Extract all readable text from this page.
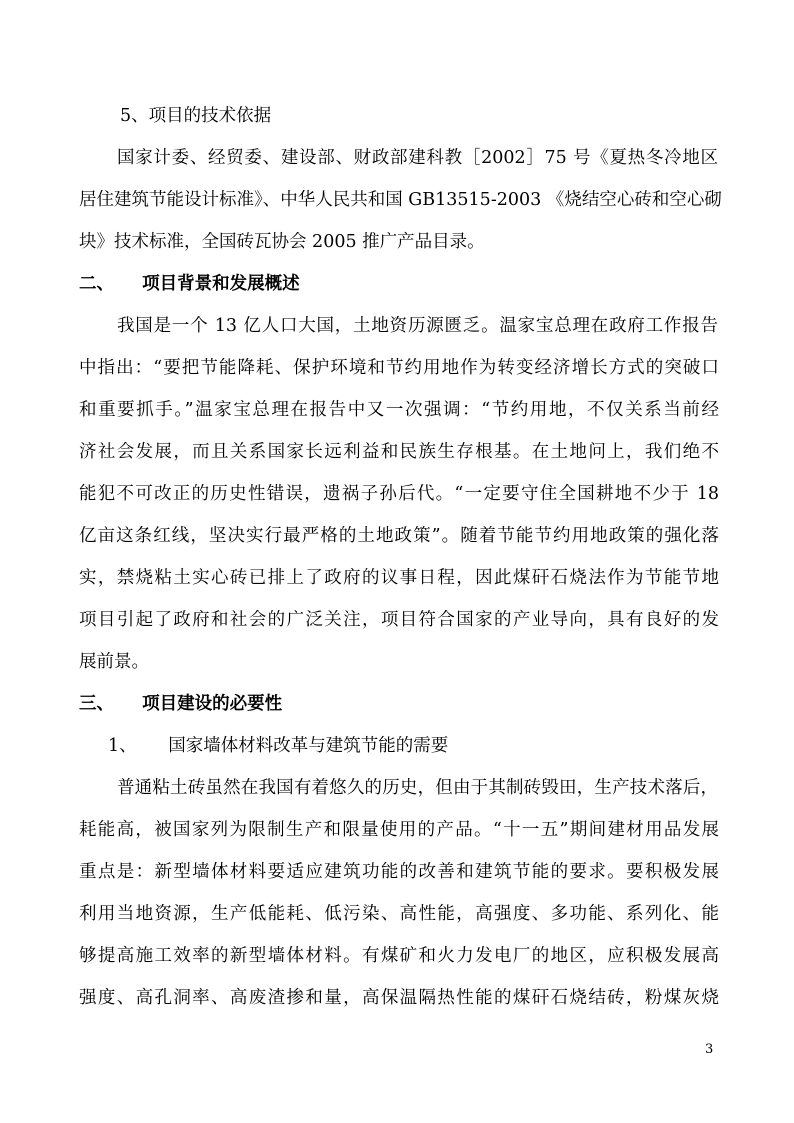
5、项目的技术依据
国家计委、经贸委、建设部、财政部建科教［2002］75 号《夏热冬冷地区
居住建筑节能设计标准》、中华人民共和国 GB13515-2003 《烧结空心砖和空心砌
块》技术标准，全国砖瓦协会 2005 推广产品目录。
二、 项目背景和发展概述
我国是一个 13 亿人口大国，土地资历源匮乏。温家宝总理在政府工作报告
中指出：“要把节能降耗、保护环境和节约用地作为转变经济增长方式的突破口
和重要抓手。”温家宝总理在报告中又一次强调：“节约用地，不仅关系当前经
济社会发展，而且关系国家长远利益和民族生存根基。在土地问上，我们绝不
能犯不可改正的历史性错误，遗祸子孙后代。“一定要守住全国耕地不少于 18
亿亩这条红线，坚决实行最严格的土地政策”。随着节能节约用地政策的强化落
实，禁烧粘土实心砖已排上了政府的议事日程，因此煤矸石烧法作为节能节地
项目引起了政府和社会的广泛关注，项目符合国家的产业导向，具有良好的发
展前景。
三、 项目建设的必要性
1、 国家墙体材料改革与建筑节能的需要
普通粘土砖虽然在我国有着悠久的历史，但由于其制砖毁田，生产技术落后，
耗能高，被国家列为限制生产和限量使用的产品。“十一五”期间建材用品发展
重点是：新型墙体材料要适应建筑功能的改善和建筑节能的要求。要积极发展
利用当地资源，生产低能耗、低污染、高性能，高强度、多功能、系列化、能
够提高施工效率的新型墙体材料。有煤矿和火力发电厂的地区，应积极发展高
强度、高孔洞率、高废渣掺和量，高保温隔热性能的煤矸石烧结砖，粉煤灰烧
3
